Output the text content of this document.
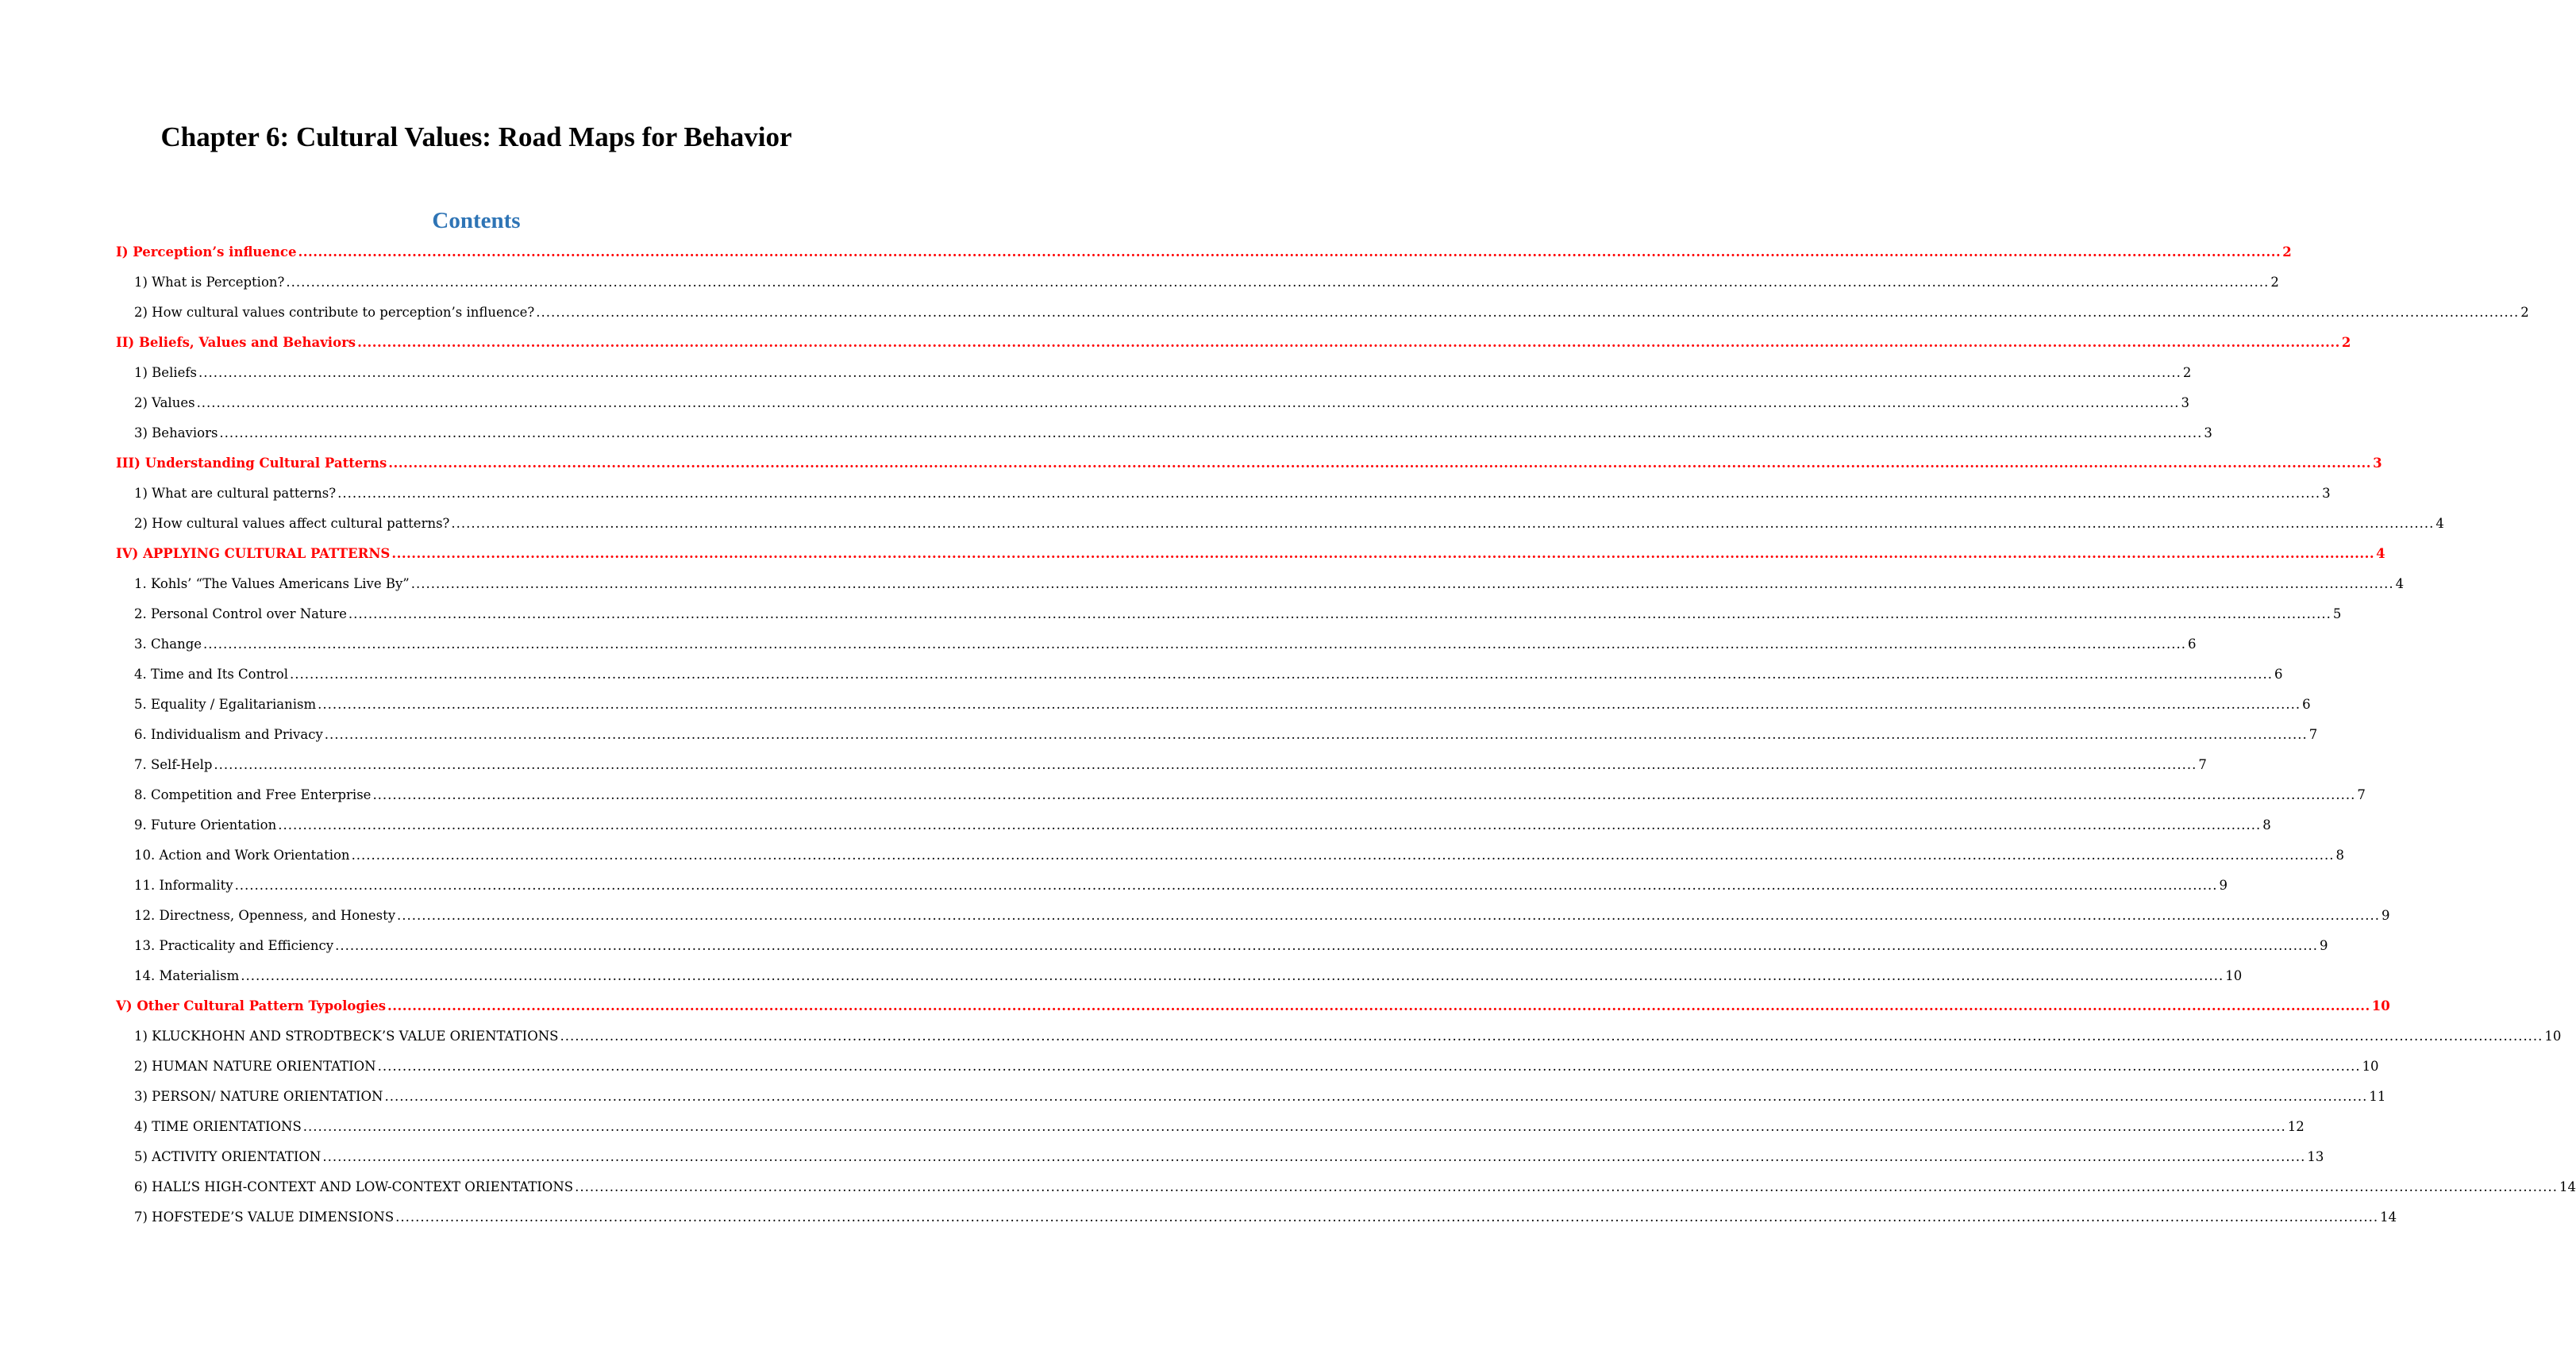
Chapter 6: Cultural Values: Road Maps for Behavior
Contents
I) Perception’s influence ................................................................................................................................................................................................................................................................................................................................................................................................................ 2
1) What is Perception? ................................................................................................................................................................................................................................................................................................................................................................................................................ 2
2) How cultural values contribute to perception’s influence? ................................................................................................................................................................................................................................................................................................................................................................................................................ 2
II) Beliefs, Values and Behaviors ................................................................................................................................................................................................................................................................................................................................................................................................................ 2
1) Beliefs ................................................................................................................................................................................................................................................................................................................................................................................................................ 2
2) Values ................................................................................................................................................................................................................................................................................................................................................................................................................ 3
3) Behaviors ................................................................................................................................................................................................................................................................................................................................................................................................................ 3
III) Understanding Cultural Patterns ................................................................................................................................................................................................................................................................................................................................................................................................................ 3
1) What are cultural patterns? ................................................................................................................................................................................................................................................................................................................................................................................................................ 3
2) How cultural values affect cultural patterns? ................................................................................................................................................................................................................................................................................................................................................................................................................ 4
IV) APPLYING CULTURAL PATTERNS ................................................................................................................................................................................................................................................................................................................................................................................................................ 4
1. Kohls’ “The Values Americans Live By” ................................................................................................................................................................................................................................................................................................................................................................................................................ 4
2. Personal Control over Nature ................................................................................................................................................................................................................................................................................................................................................................................................................ 5
3. Change ................................................................................................................................................................................................................................................................................................................................................................................................................ 6
4. Time and Its Control ................................................................................................................................................................................................................................................................................................................................................................................................................ 6
5. Equality / Egalitarianism ................................................................................................................................................................................................................................................................................................................................................................................................................ 6
6. Individualism and Privacy ................................................................................................................................................................................................................................................................................................................................................................................................................ 7
7. Self-Help ................................................................................................................................................................................................................................................................................................................................................................................................................ 7
8. Competition and Free Enterprise ................................................................................................................................................................................................................................................................................................................................................................................................................ 7
9. Future Orientation ................................................................................................................................................................................................................................................................................................................................................................................................................ 8
10. Action and Work Orientation ................................................................................................................................................................................................................................................................................................................................................................................................................ 8
11. Informality ................................................................................................................................................................................................................................................................................................................................................................................................................ 9
12. Directness, Openness, and Honesty ................................................................................................................................................................................................................................................................................................................................................................................................................ 9
13. Practicality and Efficiency ................................................................................................................................................................................................................................................................................................................................................................................................................ 9
14. Materialism ................................................................................................................................................................................................................................................................................................................................................................................................................ 10
V) Other Cultural Pattern Typologies ................................................................................................................................................................................................................................................................................................................................................................................................................ 10
1) KLUCKHOHN AND STRODTBECK’S VALUE ORIENTATIONS ................................................................................................................................................................................................................................................................................................................................................................................................................ 10
2) HUMAN NATURE ORIENTATION ................................................................................................................................................................................................................................................................................................................................................................................................................ 10
3) PERSON/ NATURE ORIENTATION ................................................................................................................................................................................................................................................................................................................................................................................................................ 11
4) TIME ORIENTATIONS ................................................................................................................................................................................................................................................................................................................................................................................................................ 12
5) ACTIVITY ORIENTATION ................................................................................................................................................................................................................................................................................................................................................................................................................ 13
6) HALL’S HIGH-CONTEXT AND LOW-CONTEXT ORIENTATIONS ................................................................................................................................................................................................................................................................................................................................................................................................................ 14
7) HOFSTEDE’S VALUE DIMENSIONS ................................................................................................................................................................................................................................................................................................................................................................................................................ 14
